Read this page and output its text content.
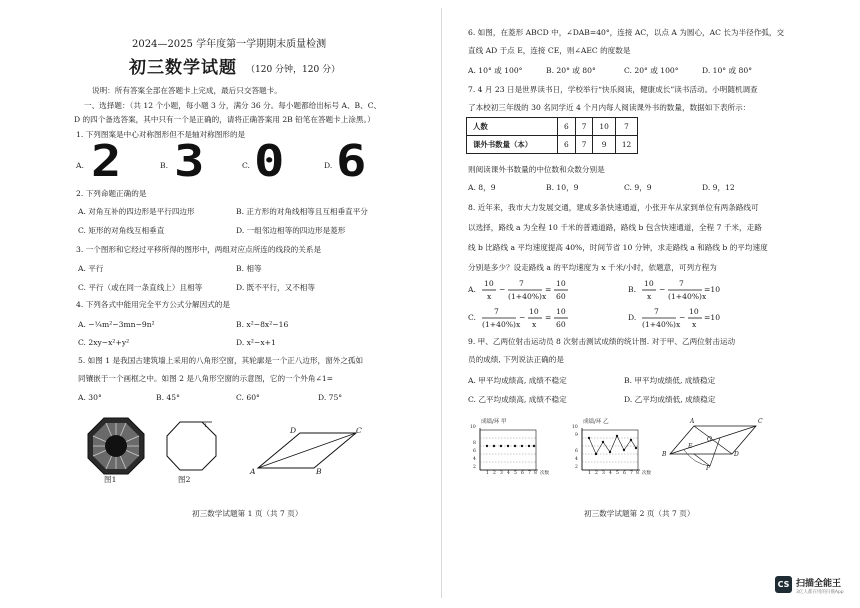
2024—2025 学年度第一学期期末质量检测
初三数学试题 （120 分钟，120 分）
说明：所有答案全部在答题卡上完成，最后只交答题卡。
一、选择题：（共 12 个小题，每小题 3 分，满分 36 分。每小题都给出标号 A、B、C、
D 的四个备选答案，其中只有一个是正确的，请将正确答案用 2B 铅笔在答题卡上涂黑。）
1. 下列图案是中心对称图形但不是轴对称图形的是
A. 2	B. 3	C. 0	D. 6
2. 下列命题正确的是
A. 对角互补的四边形是平行四边形	B. 正方形的对角线相等且互相垂直平分
C. 矩形的对角线互相垂直	D. 一组邻边相等的四边形是菱形
3. 一个图形和它经过平移所得的图形中，两组对应点所连的线段的关系是
A. 平行	B. 相等
C. 平行（或在同一条直线上）且相等	D. 既不平行，又不相等
4. 下列各式中能用完全平方公式分解因式的是
A. −¼m²−3mn−9n²	B. x²−8x²−16
C. 2xy−x²+y²	D. x²−x+1
5. 如图 1 是我国古建筑墙上采用的八角形空窗，其轮廓是一个正八边形，窗外之孤如
同镶嵌于一个画框之中。如图 2 是八角形空窗的示意图，它的一个外角∠1=
A. 30°	B. 45°	C. 60°	D. 75°
图1
1
图2
D	C
A	B
初三数学试题第 1 页（共 7 页）
6. 如图，在菱形 ABCD 中，∠DAB=40°，连接 AC，以点 A 为圆心，AC 长为半径作弧，交
直线 AD 于点 E，连接 CE，则∠AEC 的度数是
A. 10° 或 100°	B. 20° 或 80°	C. 20° 或 100°	D. 10° 或 80°
7. 4 月 23 日是世界读书日，学校举行“快乐阅读，健康成长”读书活动。小明随机调查
了本校初三年级的 30 名同学近 4 个月内每人阅读课外书的数量，数据如下表所示：
人数	6	7	10	7
课外书数量（本）	6	7	9	12
则阅读课外书数量的中位数和众数分别是
A. 8，9	B. 10，9	C. 9，9	D. 9，12
8. 近年来，我市大力发展交通，建成多条快速通道，小张开车从家到单位有两条路线可
以选择，路线 a 为全程 10 千米的普通道路，路线 b 包含快速通道，全程 7 千米，走路
线 b 比路线 a 平均速度提高 40%，时间节省 10 分钟，求走路线 a 和路线 b 的平均速度
分别是多少？设走路线 a 的平均速度为 x 千米/小时，依题意，可列方程为
A.
10
x
−
7
(1+40%)x
=
10
60
B.
10
x
−
7
(1+40%)x
=10
C.
7
(1+40%)x
−
10
x
=
10
60
D.
7
(1+40%)x
−
10
x
=10
9. 甲、乙两位射击运动员 8 次射击测试成绩的统计图. 对于甲、乙两位射击运动
员的成绩, 下列说法正确的是
A. 甲平均成绩高, 成绩不稳定	B. 甲平均成绩低, 成绩稳定
C. 乙平均成绩高, 成绩不稳定	D. 乙平均成绩低, 成绩稳定
成绩/环 甲
10
8
6
4
2
1 2 3 4 5 6 7 8 次数
成绩/环 乙
10
9
6
4
2
1 2 3 4 5 6 7 8 次数
A	C
B	D
E
O
P
初三数学试题第 2 页（共 7 页）
CS 扫描全能王
3亿人都在用的扫描App
